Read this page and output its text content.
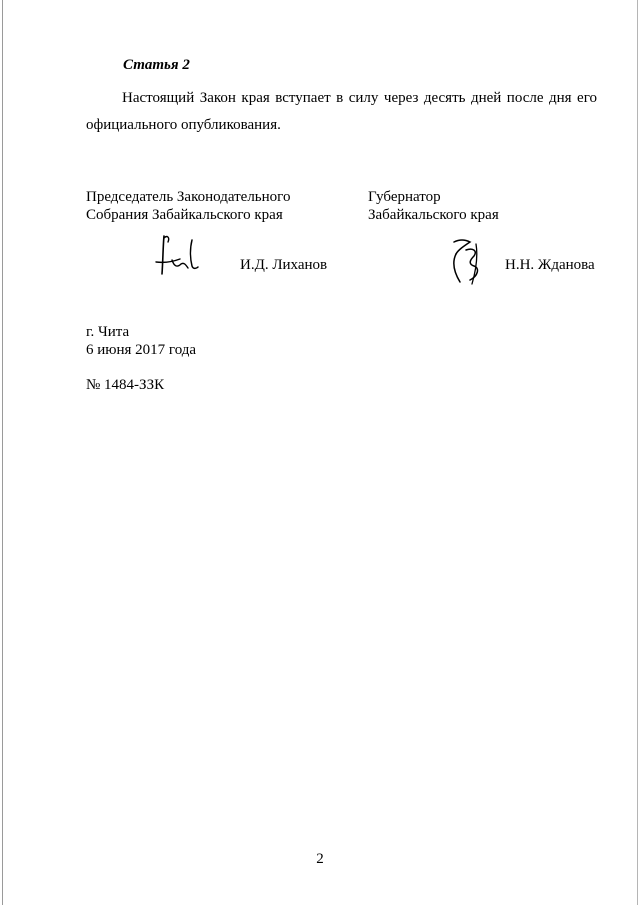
Статья 2
Настоящий Закон края вступает в силу через десять дней после дня его официального опубликования.
Председатель Законодательного
Собрания Забайкальского края
И.Д. Лиханов
Губернатор
Забайкальского края
Н.Н. Жданова
г. Чита
6 июня 2017 года
№ 1484-ЗЗК
2
